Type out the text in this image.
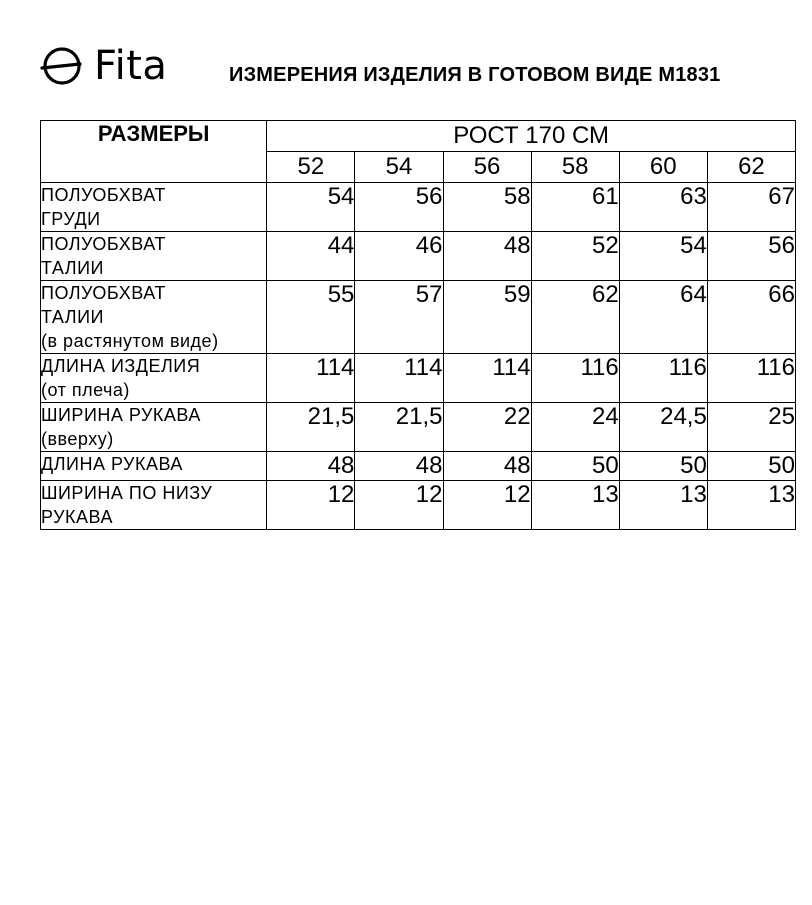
Fita	ИЗМЕРЕНИЯ ИЗДЕЛИЯ В ГОТОВОМ ВИДЕ М1831
РАЗМЕРЫ	РОСТ 170 СМ					
	52	54	56	58	60	62

ПОЛУОБХВАТ
ГРУДИ	54	56	58	61	63	67

ПОЛУОБХВАТ
ТАЛИИ	44	46	48	52	54	56

ПОЛУОБХВАТ
ТАЛИИ
(в растянутом виде)	55	57	59	62	64	66

ДЛИНА ИЗДЕЛИЯ
(от плеча)	114	114	114	116	116	116

ШИРИНА РУКАВА
(вверху)	21,5	21,5	22	24	24,5	25

ДЛИНА РУКАВА	48	48	48	50	50	50

ШИРИНА ПО НИЗУ
РУКАВА	12	12	12	13	13	13
